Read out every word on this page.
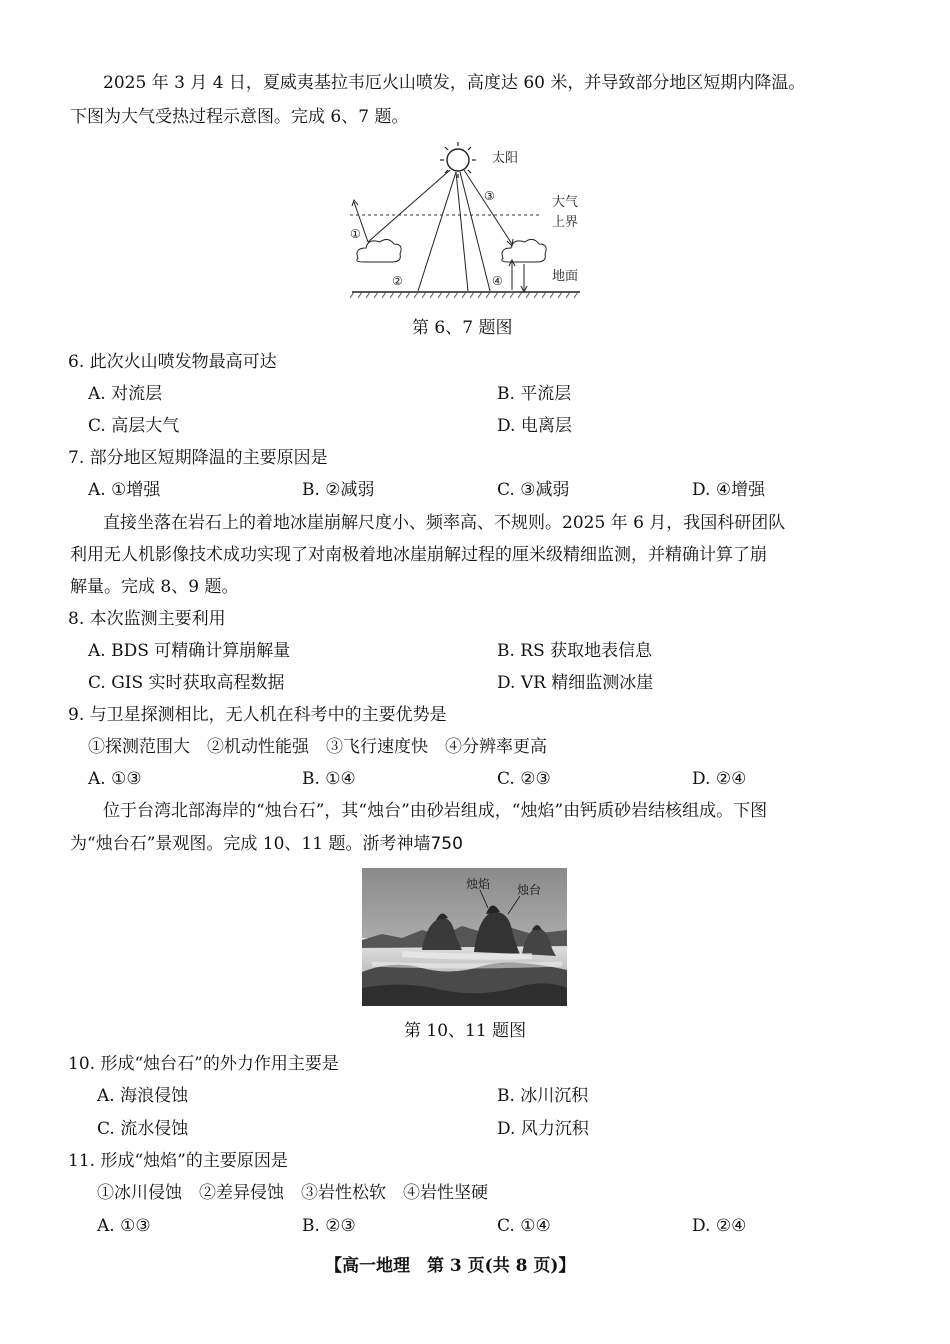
2025 年 3 月 4 日，夏威夷基拉韦厄火山喷发，高度达 60 米，并导致部分地区短期内降温。
下图为大气受热过程示意图。完成 6、7 题。
太阳
大气
上界
地面
①
②
③
④
第 6、7 题图
6. 此次火山喷发物最高可达
A. 对流层	B. 平流层
C. 高层大气	D. 电离层
7. 部分地区短期降温的主要原因是
A. ①增强	B. ②减弱	C. ③减弱	D. ④增强
直接坐落在岩石上的着地冰崖崩解尺度小、频率高、不规则。2025 年 6 月，我国科研团队
利用无人机影像技术成功实现了对南极着地冰崖崩解过程的厘米级精细监测，并精确计算了崩
解量。完成 8、9 题。
8. 本次监测主要利用
A. BDS 可精确计算崩解量	B. RS 获取地表信息
C. GIS 实时获取高程数据	D. VR 精细监测冰崖
9. 与卫星探测相比，无人机在科考中的主要优势是
①探测范围大　②机动性能强　③飞行速度快　④分辨率更高
A. ①③	B. ①④	C. ②③	D. ②④
位于台湾北部海岸的“烛台石”，其“烛台”由砂岩组成，“烛焰”由钙质砂岩结核组成。下图
为“烛台石”景观图。完成 10、11 题。浙考神墙750
烛焰 烛台
第 10、11 题图
10. 形成“烛台石”的外力作用主要是
A. 海浪侵蚀	B. 冰川沉积
C. 流水侵蚀	D. 风力沉积
11. 形成“烛焰”的主要原因是
①冰川侵蚀　②差异侵蚀　③岩性松软　④岩性坚硬
A. ①③	B. ②③	C. ①④	D. ②④
【高一地理　第 3 页(共 8 页)】
